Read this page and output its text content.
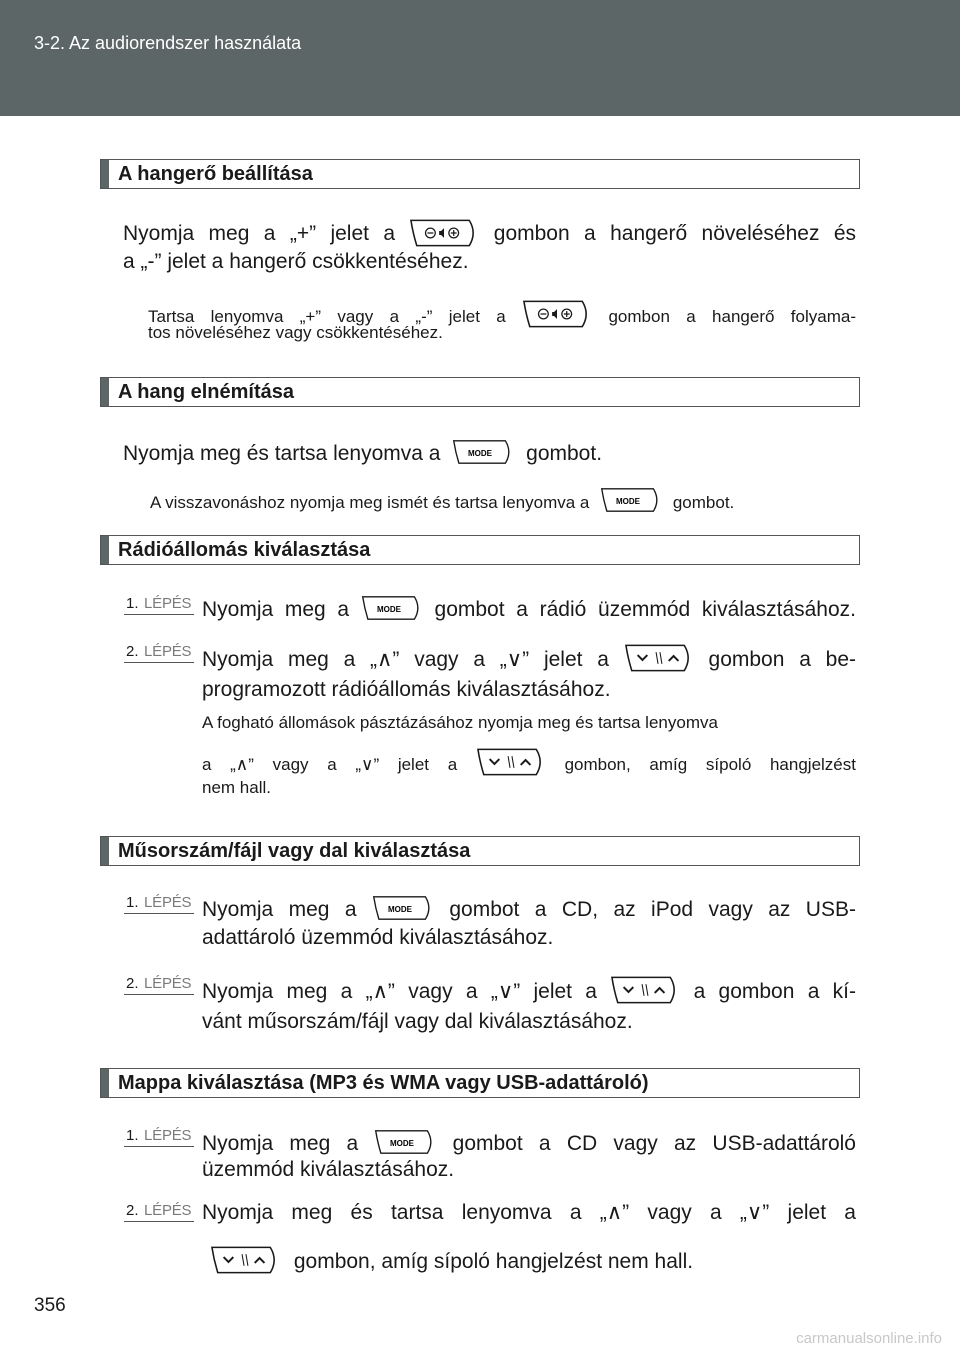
3-2. Az audiorendszer használata
A hangerő beállítása
Nyomja meg a „+” jelet a	gombon a hangerő növeléséhez és
a „-” jelet a hangerő csökkentéséhez.
Tartsa lenyomva „+” vagy a „-” jelet a	gombon a hangerő folyama-
tos növeléséhez vagy csökkentéséhez.
A hang elnémítása
Nyomja meg és tartsa lenyomva a	MODE gombot.
A visszavonáshoz nyomja meg ismét és tartsa lenyomva a	MODE gombot.
Rádióállomás kiválasztása
1. LÉPÉS Nyomja meg a	MODE gombot a rádió üzemmód kiválasztásához.
2. LÉPÉS Nyomja meg a „∧” vagy a „∨” jelet a	gombon a be-
programozott rádióállomás kiválasztásához.
A fogható állomások pásztázásához nyomja meg és tartsa lenyomva
a „∧” vagy a „∨” jelet a	gombon, amíg sípoló hangjelzést
nem hall.
Műsorszám/fájl vagy dal kiválasztása
1. LÉPÉS Nyomja meg a	MODE gombot a CD, az iPod vagy az USB-
adattároló üzemmód kiválasztásához.
2. LÉPÉS Nyomja meg a „∧” vagy a „∨” jelet a	a gombon a kí-
vánt műsorszám/fájl vagy dal kiválasztásához.
Mappa kiválasztása (MP3 és WMA vagy USB-adattároló)
1. LÉPÉS Nyomja meg a	MODE gombot a CD vagy az USB-adattároló
üzemmód kiválasztásához.
2. LÉPÉS Nyomja meg és tartsa lenyomva a „∧” vagy a „∨” jelet a
gombon, amíg sípoló hangjelzést nem hall.
356
carmanualsonline.info
